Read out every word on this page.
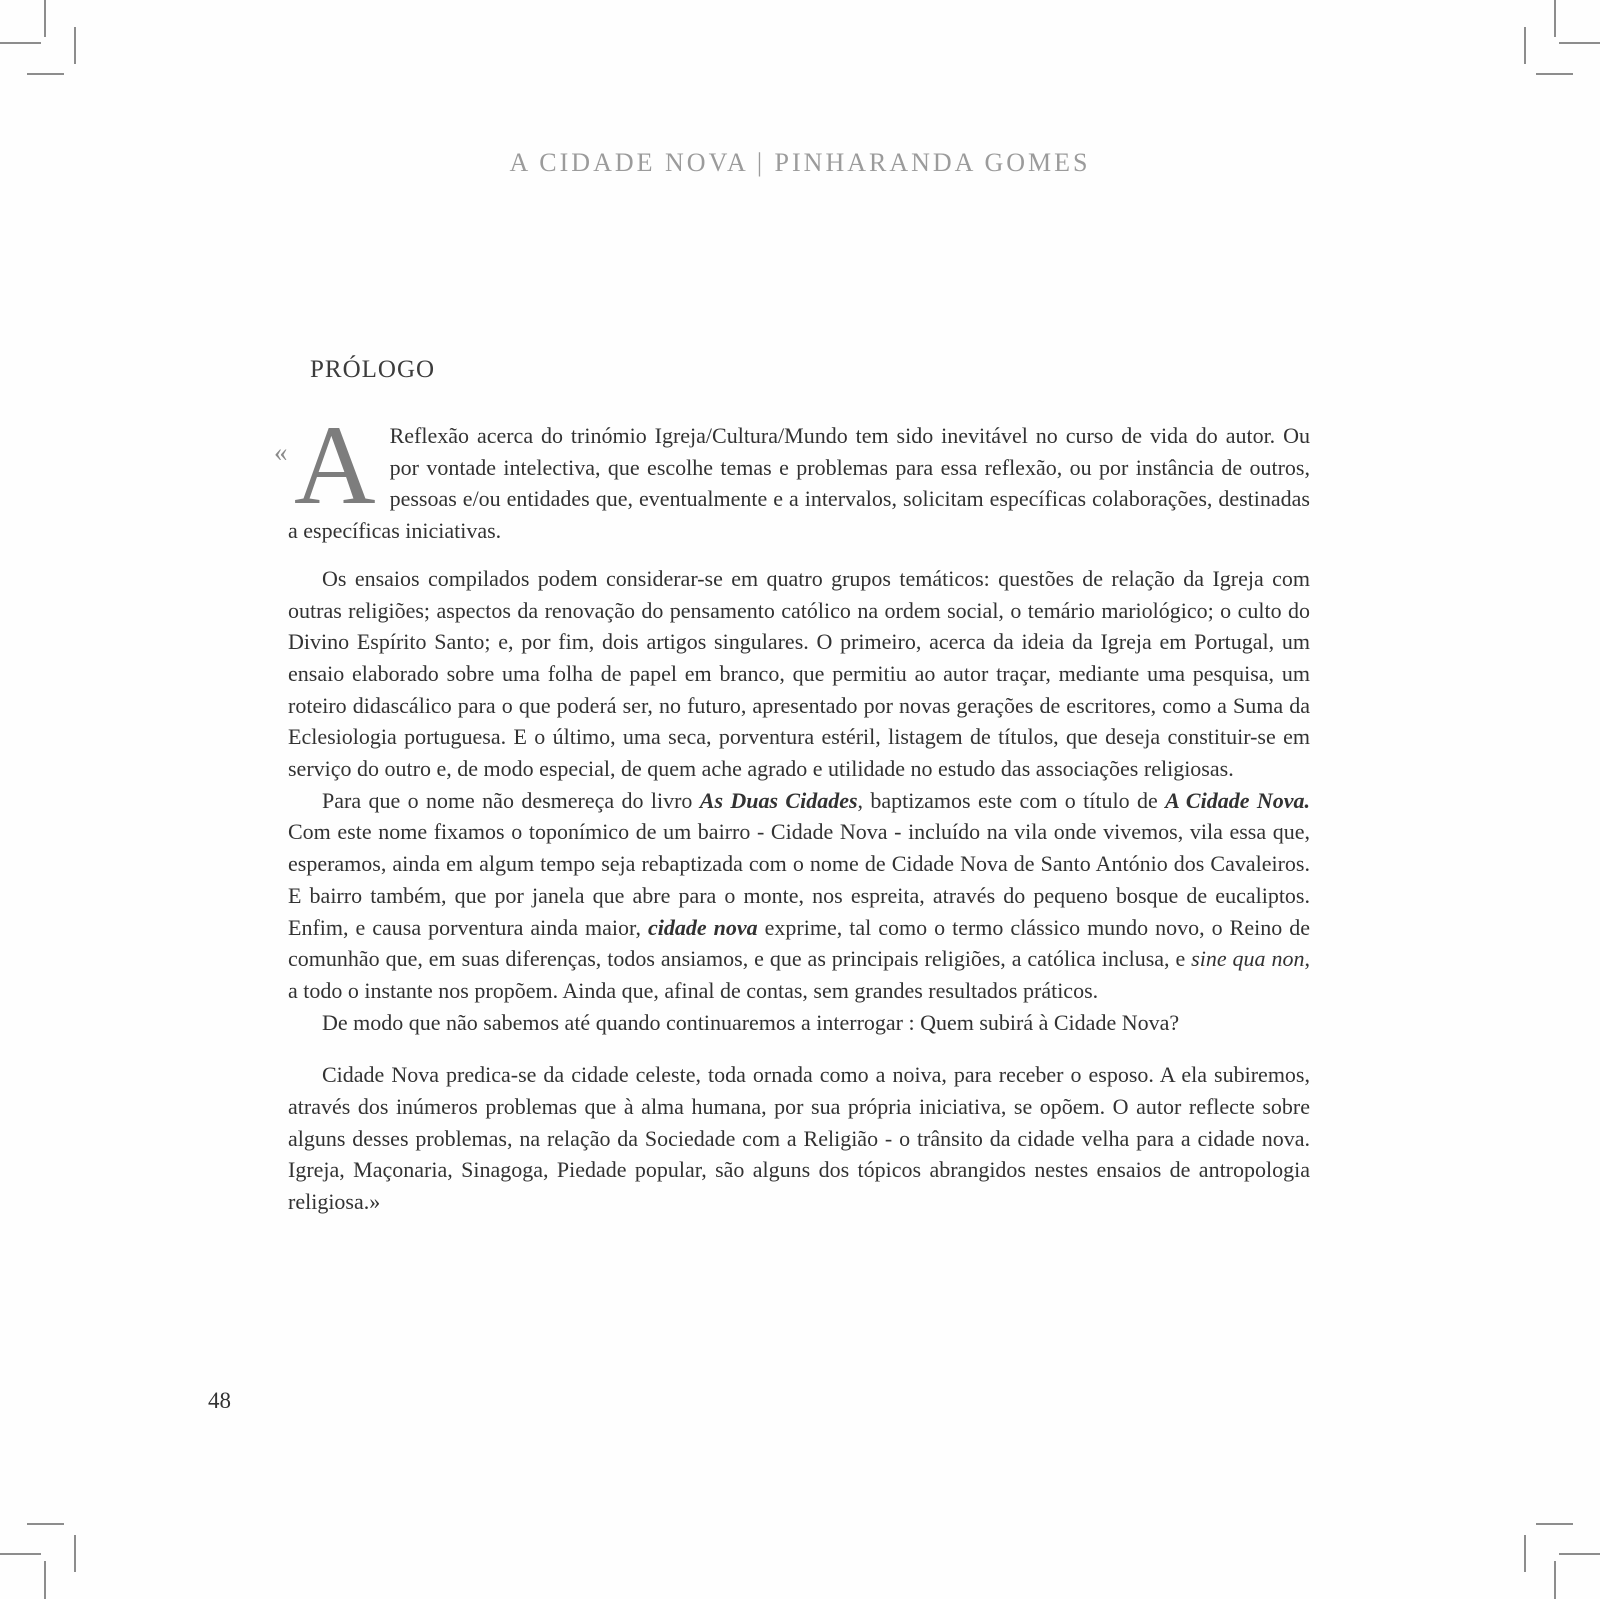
A CIDADE NOVA | PINHARANDA GOMES
PRÓLOGO

« A Reflexão acerca do trinómio Igreja/Cultura/Mundo tem sido inevitável no curso de vida do autor. Ou por vontade intelectiva, que escolhe temas e problemas para essa reflexão, ou por instância de outros, pessoas e/ou entidades que, eventualmente e a intervalos, solicitam específicas colaborações, destinadas a específicas iniciativas.

Os ensaios compilados podem considerar-se em quatro grupos temáticos: questões de relação da Igreja com outras religiões; aspectos da renovação do pensamento católico na ordem social, o temário mariológico; o culto do Divino Espírito Santo; e, por fim, dois artigos singulares. O primeiro, acerca da ideia da Igreja em Portugal, um ensaio elaborado sobre uma folha de papel em branco, que permitiu ao autor traçar, mediante uma pesquisa, um roteiro didascálico para o que poderá ser, no futuro, apresentado por novas gerações de escritores, como a Suma da Eclesiologia portuguesa. E o último, uma seca, porventura estéril, listagem de títulos, que deseja constituir-se em serviço do outro e, de modo especial, de quem ache agrado e utilidade no estudo das associações religiosas.

Para que o nome não desmereça do livro As Duas Cidades, baptizamos este com o título de A Cidade Nova. Com este nome fixamos o toponímico de um bairro - Cidade Nova - incluído na vila onde vivemos, vila essa que, esperamos, ainda em algum tempo seja rebaptizada com o nome de Cidade Nova de Santo António dos Cavaleiros. E bairro também, que por janela que abre para o monte, nos espreita, através do pequeno bosque de eucaliptos. Enfim, e causa porventura ainda maior, cidade nova exprime, tal como o termo clássico mundo novo, o Reino de comunhão que, em suas diferenças, todos ansiamos, e que as principais religiões, a católica inclusa, e sine qua non, a todo o instante nos propõem. Ainda que, afinal de contas, sem grandes resultados práticos.

De modo que não sabemos até quando continuaremos a interrogar : Quem subirá à Cidade Nova?

Cidade Nova predica-se da cidade celeste, toda ornada como a noiva, para receber o esposo. A ela subiremos, através dos inúmeros problemas que à alma humana, por sua própria iniciativa, se opõem. O autor reflecte sobre alguns desses problemas, na relação da Sociedade com a Religião - o trânsito da cidade velha para a cidade nova. Igreja, Maçonaria, Sinagoga, Piedade popular, são alguns dos tópicos abrangidos nestes ensaios de antropologia religiosa.»

48
